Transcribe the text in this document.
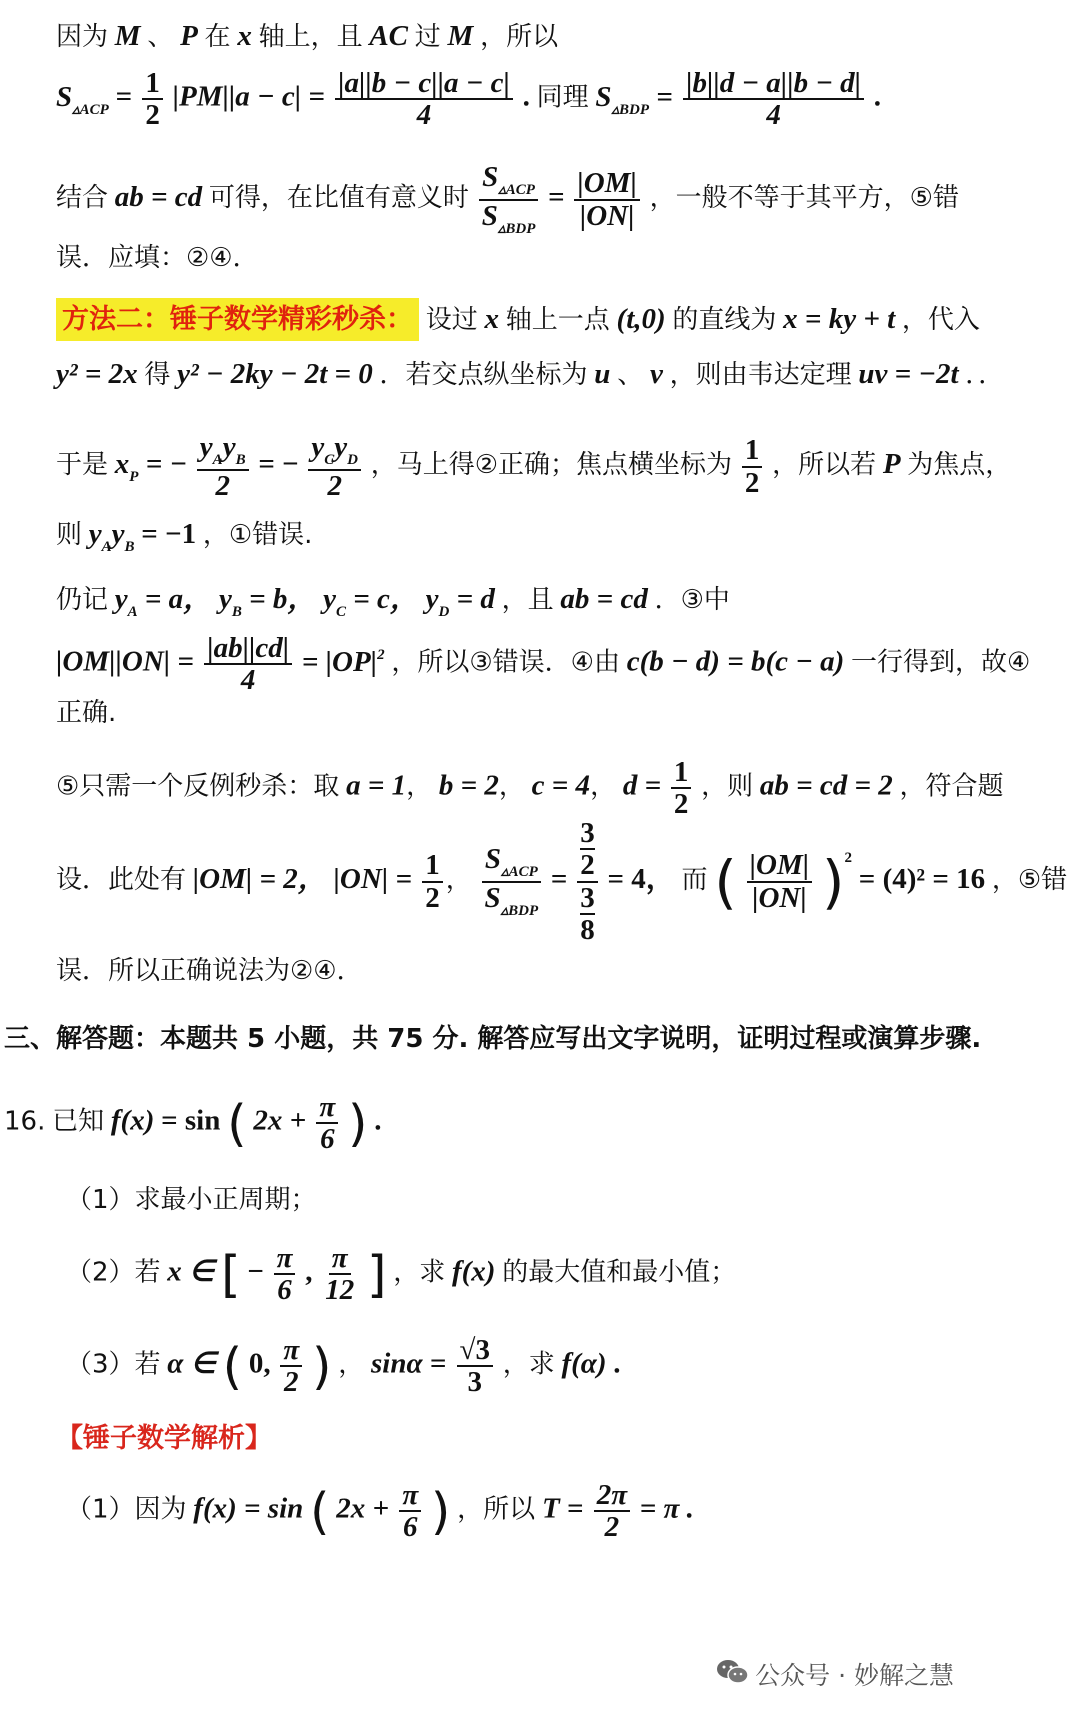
因为 M 、 P 在 x 轴上，且 AC 过 M ，所以
$S_{▵ACP} = \frac{1}{2} |PM||a - c| = \frac{|a||b - c||a - c|}{4}$ . 同理 $S_{▵BDP} = \frac{|b||d - a||b - d|}{4}$ .
结合 ab = cd 可得，在比值有意义时 $\frac{S_{▵ACP}}{S_{▵BDP}} = \frac{|OM|}{|ON|}$ ，一般不等于其平方，⑤错
误．应填：②④．
方法二：锤子数学精彩秒杀： 设过 x 轴上一点 (t,0) 的直线为 x = ky + t ，代入
y² = 2x 得 y² − 2ky − 2t = 0 ．若交点纵坐标为 u 、 v ，则由韦达定理 uv = −2t ．．
于是 $x_P$ = − $\frac{y_Ay_B}{2}$ = − $\frac{y_Cy_D}{2}$ ，马上得②正确；焦点横坐标为 $\frac{1}{2}$ ，所以若 P 为焦点，
则 $y_Ay_B = -1$ ，①错误.
仍记 $y_A = a$， $y_B = b$， $y_C = c$， $y_D = d$ ，且 ab = cd ．③中
$|OM||ON| = \frac{|ab||cd|}{4} = |OP|^2$ ，所以③错误．④由 c(b − d) = b(c − a) 一行得到，故④
正确.
⑤只需一个反例秒杀：取 a = 1， b = 2， c = 4， $d = \frac{1}{2}$ ，则 ab = cd = 2 ，符合题
设．此处有 |OM| = 2， $|ON| = \frac{1}{2}$ ， $\frac{S_{▵ACP}}{S_{▵BDP}} = 3$
2
3
8 = 4， 而 ( $\frac{|OM|}{|ON|} )^2 = (4)^2 = 16$ ，⑤错
误．所以正确说法为②④．
三、解答题：本题共 5 小题，共 75 分. 解答应写出文字说明，证明过程或演算步骤.
16. 已知 f(x) = sin ( $2x + \frac{\pi}{6}$ ) .
（1）求最小正周期；
（2）若 x ∈ [ − $\frac{\pi}{6}$ , $\frac{\pi}{12}$ ] ，求 f(x) 的最大值和最小值；
（3）若 α ∈ ( 0, $\frac{\pi}{2}$ ) ， $\sin\alpha = \frac{√3}{3}$ ，求 f(α) .
【锤子数学解析】
（1）因为 f(x) = sin ( $2x + \frac{\pi}{6}$ ) ，所以 $T = \frac{2\pi}{2} = \pi$ .
公众号 · 妙解之慧
